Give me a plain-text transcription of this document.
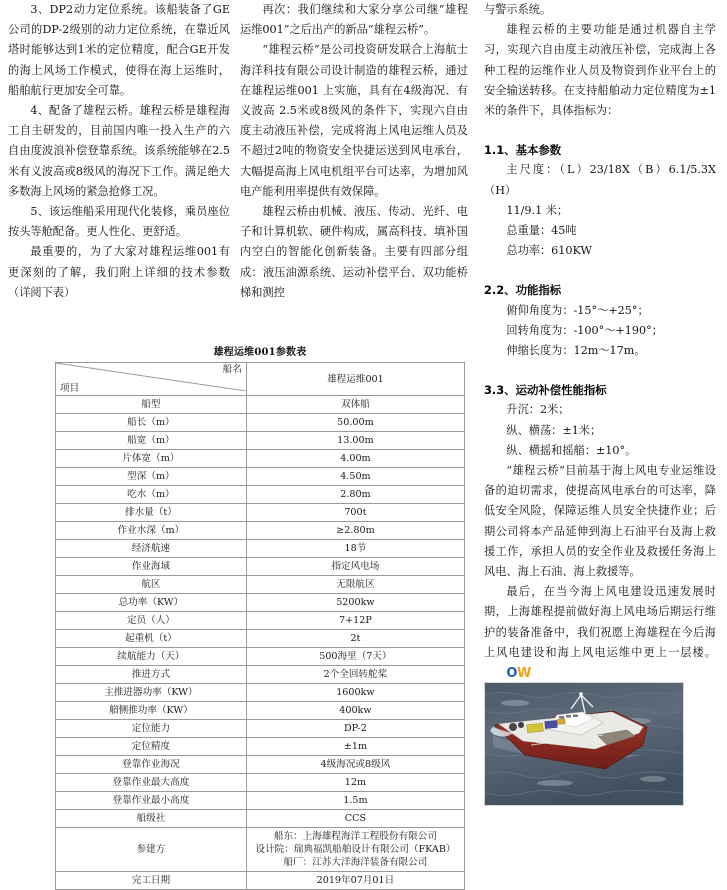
3、DP2动力定位系统。该船装备了GE公司的DP-2级别的动力定位系统，在靠近风塔时能够达到1米的定位精度，配合GE开发的海上风场工作模式，使得在海上运维时，船舶航行更加安全可靠。

4、配备了雄程云桥。雄程云桥是雄程海工自主研发的，目前国内唯一投入生产的六自由度波浪补偿登靠系统。该系统能够在2.5米有义波高或8级风的海况下工作。满足绝大多数海上风场的紧急抢修工况。

5、该运维船采用现代化装修，乘员座位按头等舱配备。更人性化、更舒适。

最重要的，为了大家对雄程运维001有更深刻的了解，我们附上详细的技术参数（详阅下表）

再次：我们继续和大家分享公司继“雄程运维001”之后出产的新品“雄程云桥”。

“雄程云桥”是公司投资研发联合上海航士海洋科技有限公司设计制造的雄程云桥，通过在雄程运维001 上实施，具有在4级海况、有义波高 2.5米或8级风的条件下，实现六自由度主动液压补偿，完成将海上风电运维人员及不超过2吨的物资安全快捷运送到风电承台，大幅提高海上风电机组平台可达率，为增加风电产能利用率提供有效保障。

雄程云桥由机械、液压、传动、光纤、电子和计算机软、硬件构成，属高科技、填补国内空白的智能化创新装备。主要有四部分组成：液压油源系统、运动补偿平台、双功能桥梯和测控

与警示系统。

雄程云桥的主要功能是通过机器自主学习，实现六自由度主动液压补偿，完成海上各种工程的运维作业人员及物资到作业平台上的安全输送转移。在支持船舶动力定位精度为±1 米的条件下，具体指标为：

1.1、基本参数

主尺度：（L）23/18X（B）6.1/5.3X（H）

11/9.1 米；

总重量：45吨

总功率：610KW

2.2、功能指标

俯仰角度为：-15°～+25°；

回转角度为：-100°～+190°；

伸缩长度为：12m～17m。

3.3、运动补偿性能指标

升沉：2米；

纵、横荡：±1米；

纵、横摇和摇艏：±10°。

“雄程云桥”目前基于海上风电专业运维设备的迫切需求，使提高风电承台的可达率，降低安全风险，保障运维人员安全快捷作业；后期公司将本产品延伸到海上石油平台及海上救援工作，承担人员的安全作业及救援任务海上风电、海上石油、海上救援等。

最后，在当今海上风电建设迅速发展时期，上海雄程提前做好海上风电场后期运行维护的装备准备中，我们祝愿上海雄程在今后海上风电建设和海上风电运维中更上一层楼。OW

雄程运维001参数表
船名
项目	雄程运维001
船型	双体船
船长（m）	50.00m
船宽（m）	13.00m
片体宽（m）	4.00m
型深（m）	4.50m
吃水（m）	2.80m
排水量（t）	700t
作业水深（m）	≥2.80m
经济航速	18节
作业海域	指定风电场
航区	无限航区
总功率（KW）	5200kw
定员（人）	7+12P
起重机（t）	2t
续航能力（天）	500海里（7天）
推进方式	2个全回转舵桨
主推进器功率（KW）	1600kw
艏侧推功率（KW）	400kw
定位能力	DP-2
定位精度	±1m
登靠作业海况	4级海况或8级风
登靠作业最大高度	12m
登靠作业最小高度	1.5m
船级社	CCS
参建方	船东：上海雄程海洋工程股份有限公司
设计院：瑞典福凯船舶设计有限公司（FKAB）
船厂：江苏大洋海洋装备有限公司
完工日期	2019年07月01日
雄程运维001
